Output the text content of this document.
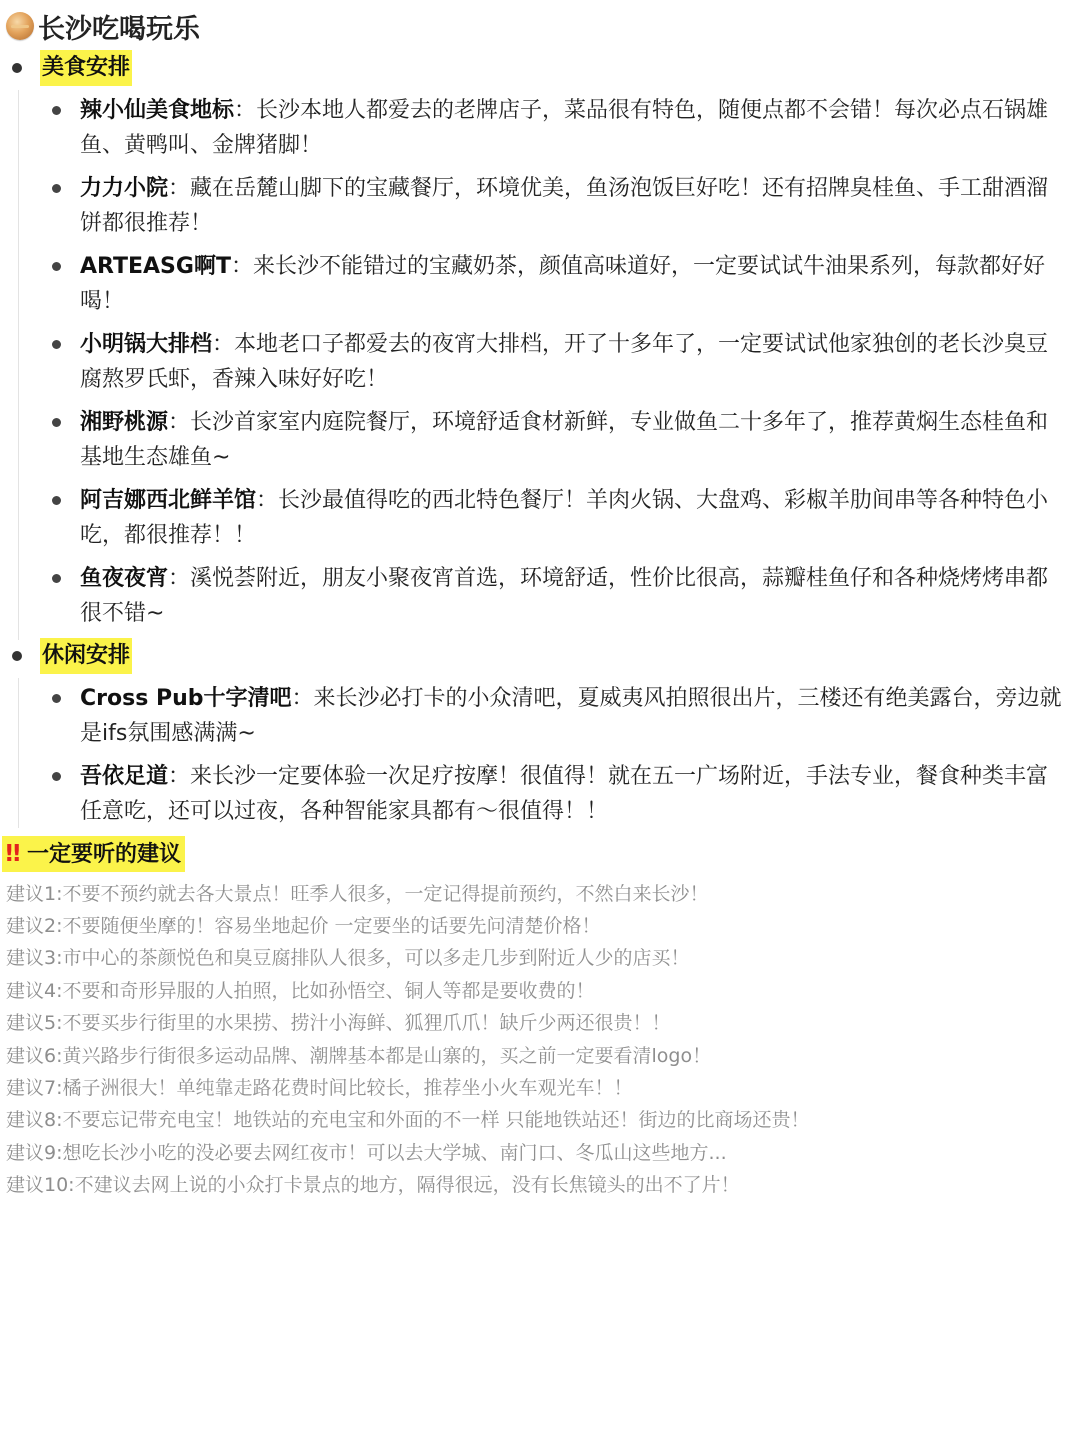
长沙吃喝玩乐
美食安排
辣小仙美食地标：长沙本地人都爱去的老牌店子，菜品很有特色，随便点都不会错！每次必点石锅雄鱼、黄鸭叫、金牌猪脚！
力力小院：藏在岳麓山脚下的宝藏餐厅，环境优美，鱼汤泡饭巨好吃！还有招牌臭桂鱼、手工甜酒溜饼都很推荐！
ARTEASG啊T：来长沙不能错过的宝藏奶茶，颜值高味道好，一定要试试牛油果系列，每款都好好喝！
小明锅大排档：本地老口子都爱去的夜宵大排档，开了十多年了，一定要试试他家独创的老长沙臭豆腐熬罗氏虾，香辣入味好好吃！
湘野桃源：长沙首家室内庭院餐厅，环境舒适食材新鲜，专业做鱼二十多年了，推荐黄焖生态桂鱼和基地生态雄鱼~
阿吉娜西北鲜羊馆：长沙最值得吃的西北特色餐厅！羊肉火锅、大盘鸡、彩椒羊肋间串等各种特色小吃，都很推荐！！
鱼夜夜宵：溪悦荟附近，朋友小聚夜宵首选，环境舒适，性价比很高，蒜瓣桂鱼仔和各种烧烤烤串都很不错~
休闲安排
Cross Pub十字清吧：来长沙必打卡的小众清吧，夏威夷风拍照很出片，三楼还有绝美露台，旁边就是ifs氛围感满满~
吾依足道：来长沙一定要体验一次足疗按摩！很值得！就在五一广场附近，手法专业，餐食种类丰富任意吃，还可以过夜，各种智能家具都有～很值得！！
!! 一定要听的建议
建议1:不要不预约就去各大景点！旺季人很多，一定记得提前预约，不然白来长沙！
建议2:不要随便坐摩的！容易坐地起价 一定要坐的话要先问清楚价格！
建议3:市中心的茶颜悦色和臭豆腐排队人很多，可以多走几步到附近人少的店买！
建议4:不要和奇形异服的人拍照，比如孙悟空、铜人等都是要收费的！
建议5:不要买步行街里的水果捞、捞汁小海鲜、狐狸爪爪！缺斤少两还很贵！！
建议6:黄兴路步行街很多运动品牌、潮牌基本都是山寨的，买之前一定要看清logo！
建议7:橘子洲很大！单纯靠走路花费时间比较长，推荐坐小火车观光车！！
建议8:不要忘记带充电宝！地铁站的充电宝和外面的不一样 只能地铁站还！街边的比商场还贵！
建议9:想吃长沙小吃的没必要去网红夜市！可以去大学城、南门口、冬瓜山这些地方...
建议10:不建议去网上说的小众打卡景点的地方，隔得很远，没有长焦镜头的出不了片！
